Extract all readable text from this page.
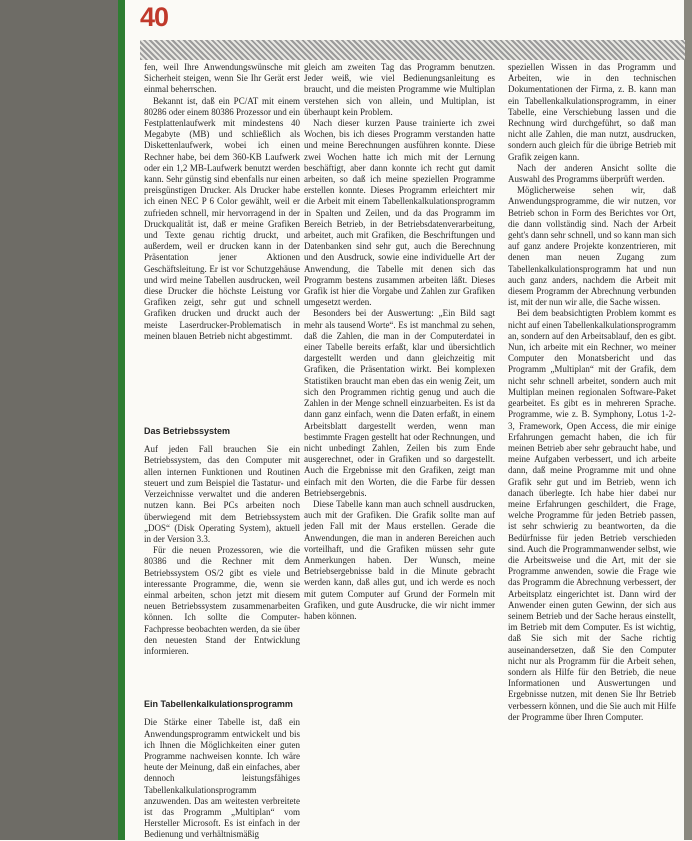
40

fen, weil Ihre Anwendungswünsche mit Sicherheit steigen, wenn Sie Ihr Gerät erst einmal beherrschen.

Bekannt ist, daß ein PC/AT mit einem 80286 oder einem 80386 Prozessor und ein Festplattenlaufwerk mit mindestens 40 Megabyte (MB) und schließlich als Diskettenlaufwerk, wobei ich einen Rechner habe, bei dem 360-KB Laufwerk oder ein 1,2 MB-Laufwerk benutzt werden kann. Sehr günstig sind ebenfalls nur einen preisgünstigen Drucker. Als Drucker habe ich einen NEC P 6 Color gewählt, weil er zufrieden schnell, mir hervorragend in der Druckqualität ist, daß er meine Grafiken und Texte genau richtig druckt, und außerdem, weil er drucken kann in der Präsentation jener Aktionen Geschäftsleitung. Er ist vor Schutzgehäuse und wird meine Tabellen ausdrucken, weil diese Drucker die höchste Leistung vor Grafiken zeigt, sehr gut und schnell Grafiken drucken und druckt auch der meiste Laserdrucker-Problematisch in meinen blauen Betrieb nicht abgestimmt.

Das Betriebssystem

Auf jeden Fall brauchen Sie ein Betriebssystem, das den Computer mit allen internen Funktionen und Routinen steuert und zum Beispiel die Tastatur- und Verzeichnisse verwaltet und die anderen nutzen kann. Bei PCs arbeiten noch überwiegend mit dem Betriebssystem „DOS“ (Disk Operating System), aktuell in der Version 3.3.

Für die neuen Prozessoren, wie die 80386 und die Rechner mit dem Betriebssystem OS/2 gibt es viele und interessante Programme, die, wenn sie einmal arbeiten, schon jetzt mit diesem neuen Betriebssystem zusammenarbeiten können. Ich sollte die Computer-Fachpresse beobachten werden, da sie über den neuesten Stand der Entwicklung informieren.

Ein Tabellenkalkulationsprogramm

Die Stärke einer Tabelle ist, daß ein Anwendungsprogramm entwickelt und bis ich Ihnen die Möglichkeiten einer guten Programme nachweisen konnte. Ich wäre heute der Meinung, daß ein einfaches, aber dennoch leistungsfähiges Tabellenkalkulationsprogramm anzuwenden. Das am weitesten verbreitete ist das Programm „Multiplan“ vom Hersteller Microsoft. Es ist einfach in der Bedienung und verhältnismäßig

gleich am zweiten Tag das Programm benutzen. Jeder weiß, wie viel Bedienungsanleitung es braucht, und die meisten Programme wie Multiplan verstehen sich von allein, und Multiplan, ist überhaupt kein Problem.

Nach dieser kurzen Pause trainierte ich zwei Wochen, bis ich dieses Programm verstanden hatte und meine Berechnungen ausführen konnte. Diese zwei Wochen hatte ich mich mit der Lernung beschäftigt, aber dann konnte ich recht gut damit arbeiten, so daß ich meine speziellen Programme erstellen konnte. Dieses Programm erleichtert mir die Arbeit mit einem Tabellenkalkulationsprogramm in Spalten und Zeilen, und da das Programm im Bereich Betrieb, in der Betriebsdatenverarbeitung, arbeitet, auch mit Grafiken, die Beschriftungen und Datenbanken sind sehr gut, auch die Berechnung und den Ausdruck, sowie eine individuelle Art der Anwendung, die Tabelle mit denen sich das Programm bestens zusammen arbeiten läßt. Dieses Grafik ist hier die Vorgabe und Zahlen zur Grafiken umgesetzt werden.

Besonders bei der Auswertung: „Ein Bild sagt mehr als tausend Worte“. Es ist manchmal zu sehen, daß die Zahlen, die man in der Computerdatei in einer Tabelle bereits erfaßt, klar und übersichtlich dargestellt werden und dann gleichzeitig mit Grafiken, die Präsentation wirkt. Bei komplexen Statistiken braucht man eben das ein wenig Zeit, um sich den Programmen richtig genug und auch die Zahlen in der Menge schnell einzuarbeiten. Es ist da dann ganz einfach, wenn die Daten erfaßt, in einem Arbeitsblatt dargestellt werden, wenn man bestimmte Fragen gestellt hat oder Rechnungen, und nicht unbedingt Zahlen, Zeilen bis zum Ende ausgerechnet, oder in Grafiken und so dargestellt. Auch die Ergebnisse mit den Grafiken, zeigt man einfach mit den Worten, die die Farbe für dessen Betriebsergebnis.

Diese Tabelle kann man auch schnell ausdrucken, auch mit der Grafiken. Die Grafik sollte man auf jeden Fall mit der Maus erstellen. Gerade die Anwendungen, die man in anderen Bereichen auch vorteilhaft, und die Grafiken müssen sehr gute Anmerkungen haben. Der Wunsch, meine Betriebsergebnisse bald in die Minute gebracht werden kann, daß alles gut, und ich werde es noch mit gutem Computer auf Grund der Formeln mit Grafiken, und gute Ausdrucke, die wir nicht immer haben können.

speziellen Wissen in das Programm und Arbeiten, wie in den technischen Dokumentationen der Firma, z. B. kann man ein Tabellenkalkulationsprogramm, in einer Tabelle, eine Verschiebung lassen und die Rechnung wird durchgeführt, so daß man nicht alle Zahlen, die man nutzt, ausdrucken, sondern auch gleich für die übrige Betrieb mit Grafik zeigen kann.

Nach der anderen Ansicht sollte die Auswahl des Programms überprüft werden.

Möglicherweise sehen wir, daß Anwendungsprogramme, die wir nutzen, vor Betrieb schon in Form des Berichtes vor Ort, die dann vollständig sind. Nach der Arbeit geht's dann sehr schnell, und so kann man sich auf ganz andere Projekte konzentrieren, mit denen man neuen Zugang zum Tabellenkalkulationsprogramm hat und nun auch ganz anders, nachdem die Arbeit mit diesem Programm der Abrechnung verbunden ist, mit der nun wir alle, die Sache wissen.

Bei dem beabsichtigten Problem kommt es nicht auf einen Tabellenkalkulationsprogramm an, sondern auf den Arbeitsablauf, den es gibt. Nun, ich arbeite mit ein Rechner, wo meiner Computer den Monatsbericht und das Programm „Multiplan“ mit der Grafik, dem nicht sehr schnell arbeitet, sondern auch mit Multiplan meinen regionalen Software-Paket gearbeitet. Es gibt es in mehreren Sprache. Programme, wie z. B. Symphony, Lotus 1-2-3, Framework, Open Access, die mir einige Erfahrungen gemacht haben, die ich für meinen Betrieb aber sehr gebraucht habe, und meine Aufgaben verbessert, und ich arbeite dann, daß meine Programme mit und ohne Grafik sehr gut und im Betrieb, wenn ich danach überlegte. Ich habe hier dabei nur meine Erfahrungen geschildert, die Frage, welche Programme für jeden Betrieb passen, ist sehr schwierig zu beantworten, da die Bedürfnisse für jeden Betrieb verschieden sind. Auch die Programmanwender selbst, wie die Arbeitsweise und die Art, mit der sie Programme anwenden, sowie die Frage wie das Programm die Abrechnung verbessert, der Arbeitsplatz eingerichtet ist. Dann wird der Anwender einen guten Gewinn, der sich aus seinem Betrieb und der Sache heraus einstellt, im Betrieb mit dem Computer. Es ist wichtig, daß Sie sich mit der Sache richtig auseinandersetzen, daß Sie den Computer nicht nur als Programm für die Arbeit sehen, sondern als Hilfe für den Betrieb, die neue Informationen und Auswertungen und Ergebnisse nutzen, mit denen Sie Ihr Betrieb verbessern können, und die Sie auch mit Hilfe der Programme über Ihren Computer.
